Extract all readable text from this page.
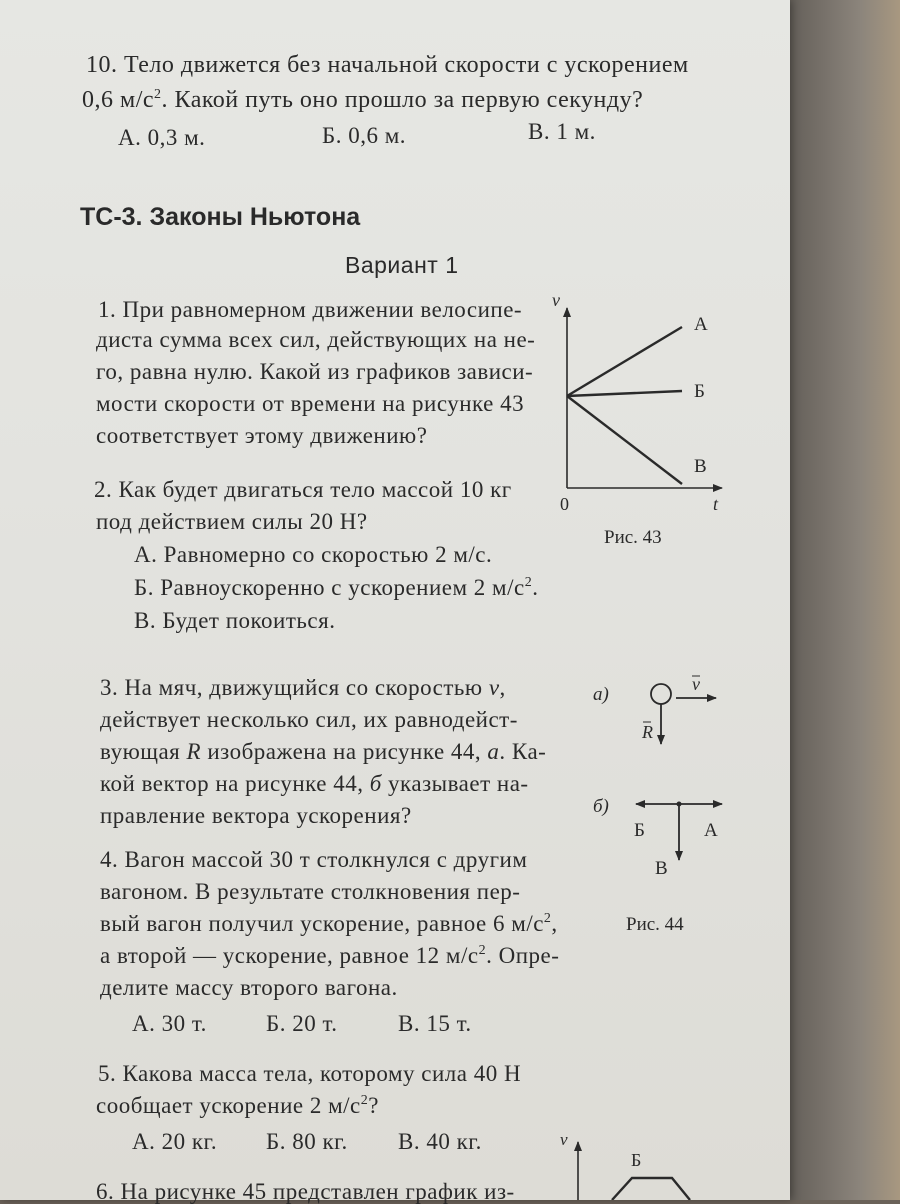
10. Тело движется без начальной скорости с ускорением
0,6 $м/с^2$. Какой путь оно прошло за первую секунду?
А. 0,3 м.	Б. 0,6 м.	В. 1 м.
ТС-3. Законы Ньютона
Вариант 1
1. При равномерном движении велосипе-
диста сумма всех сил, действующих на не-
го, равна нулю. Какой из графиков зависи-
мости скорости от времени на рисунке 43
соответствует этому движению?
2. Как будет двигаться тело массой 10 кг
под действием силы 20 Н?
А. Равномерно со скоростью 2 м/с.
Б. Равноускоренно с ускорением 2 $м/с^2$.
В. Будет покоиться.
3. На мяч, движущийся со скоростью v,
действует несколько сил, их равнодейст-
вующая R изображена на рисунке 44, а. Ка-
кой вектор на рисунке 44, б указывает на-
правление вектора ускорения?
4. Вагон массой 30 т столкнулся с другим
вагоном. В результате столкновения пер-
вый вагон получил ускорение, равное 6 $м/с^2$,
а второй — ускорение, равное 12 $м/с^2$. Опре-
делите массу второго вагона.
А. 30 т.	Б. 20 т.	В. 15 т.
5. Какова масса тела, которому сила 40 Н
сообщает ускорение 2 $м/с^2$?
А. 20 кг. Б. 80 кг. В. 40 кг.
6. На рисунке 45 представлен график из-
v
t
0
А
Б
В
Рис. 43
а)	v
R
б)
А
Б
В
Рис. 44
v
Б
